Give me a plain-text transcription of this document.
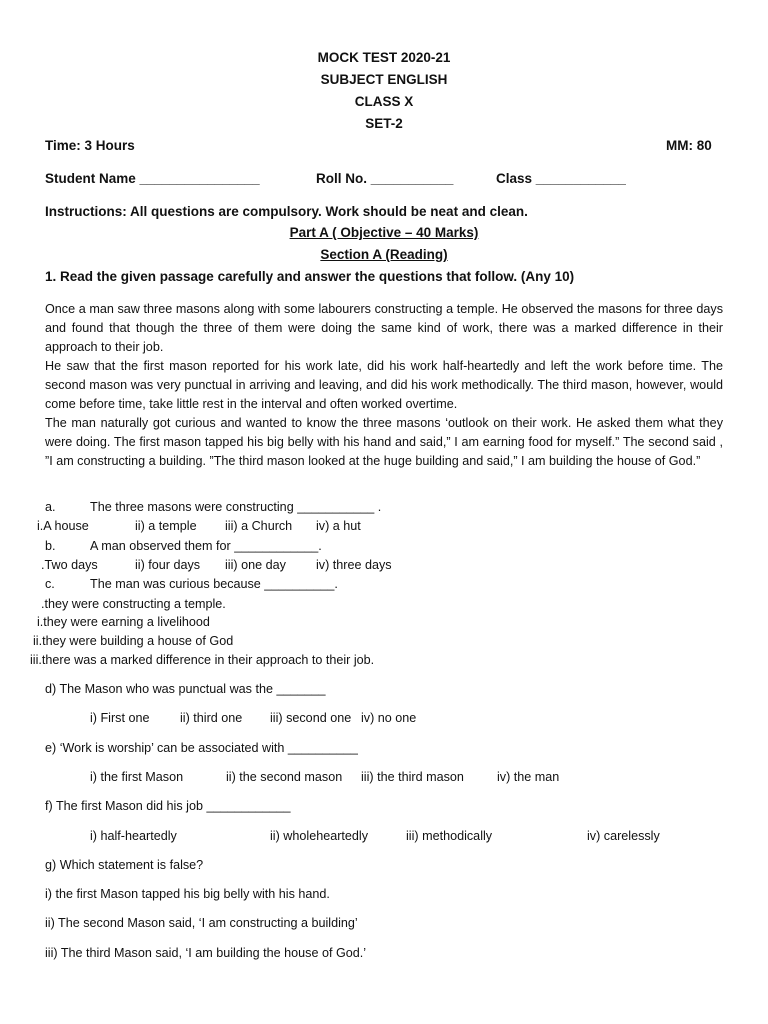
MOCK TEST 2020-21
SUBJECT ENGLISH
CLASS X
SET-2
Time: 3 Hours	MM: 80
Student Name ________________	Roll No. ___________	Class ____________
Instructions: All questions are compulsory. Work should be neat and clean.
Part A ( Objective – 40 Marks)
Section A (Reading)
1. Read the given passage carefully and answer the questions that follow. (Any 10)
Once a man saw three masons along with some labourers constructing a temple. He observed the masons for three days and found that though the three of them were doing the same kind of work, there was a marked difference in their approach to their job.
He saw that the first mason reported for his work late, did his work half-heartedly and left the work before time. The second mason was very punctual in arriving and leaving, and did his work methodically. The third mason, however, would come before time, take little rest in the interval and often worked overtime.
The man naturally got curious and wanted to know the three masons ‘outlook on their work. He asked them what they were doing. The first mason tapped his big belly with his hand and said,” I am earning food for myself.” The second said , ”I am constructing a building. ”The third mason looked at the huge building and said,” I am building the house of God.”
a.	The three masons were constructing ___________ .
i.A house	ii) a temple iii) a Church iv) a hut
b.	A man observed them for ____________.
.Two days	ii) four days iii) one day iv) three days
c.	The man was curious because __________.
.they were constructing a temple.
i.they were earning a livelihood
ii.they were building a house of God
iii.there was a marked difference in their approach to their job.
d) The Mason who was punctual was the _______
i) First one ii) third one iii) second one iv) no one
e) ‘Work is worship’ can be associated with __________
i) the first Mason	ii) the second mason iii) the third mason	iv) the man
f) The first Mason did his job ____________
i) half-heartedly	ii) wholeheartedly	iii) methodically	iv) carelessly
g) Which statement is false?
i) the first Mason tapped his big belly with his hand.
ii) The second Mason said, ‘I am constructing a building’
iii) The third Mason said, ‘I am building the house of God.’
